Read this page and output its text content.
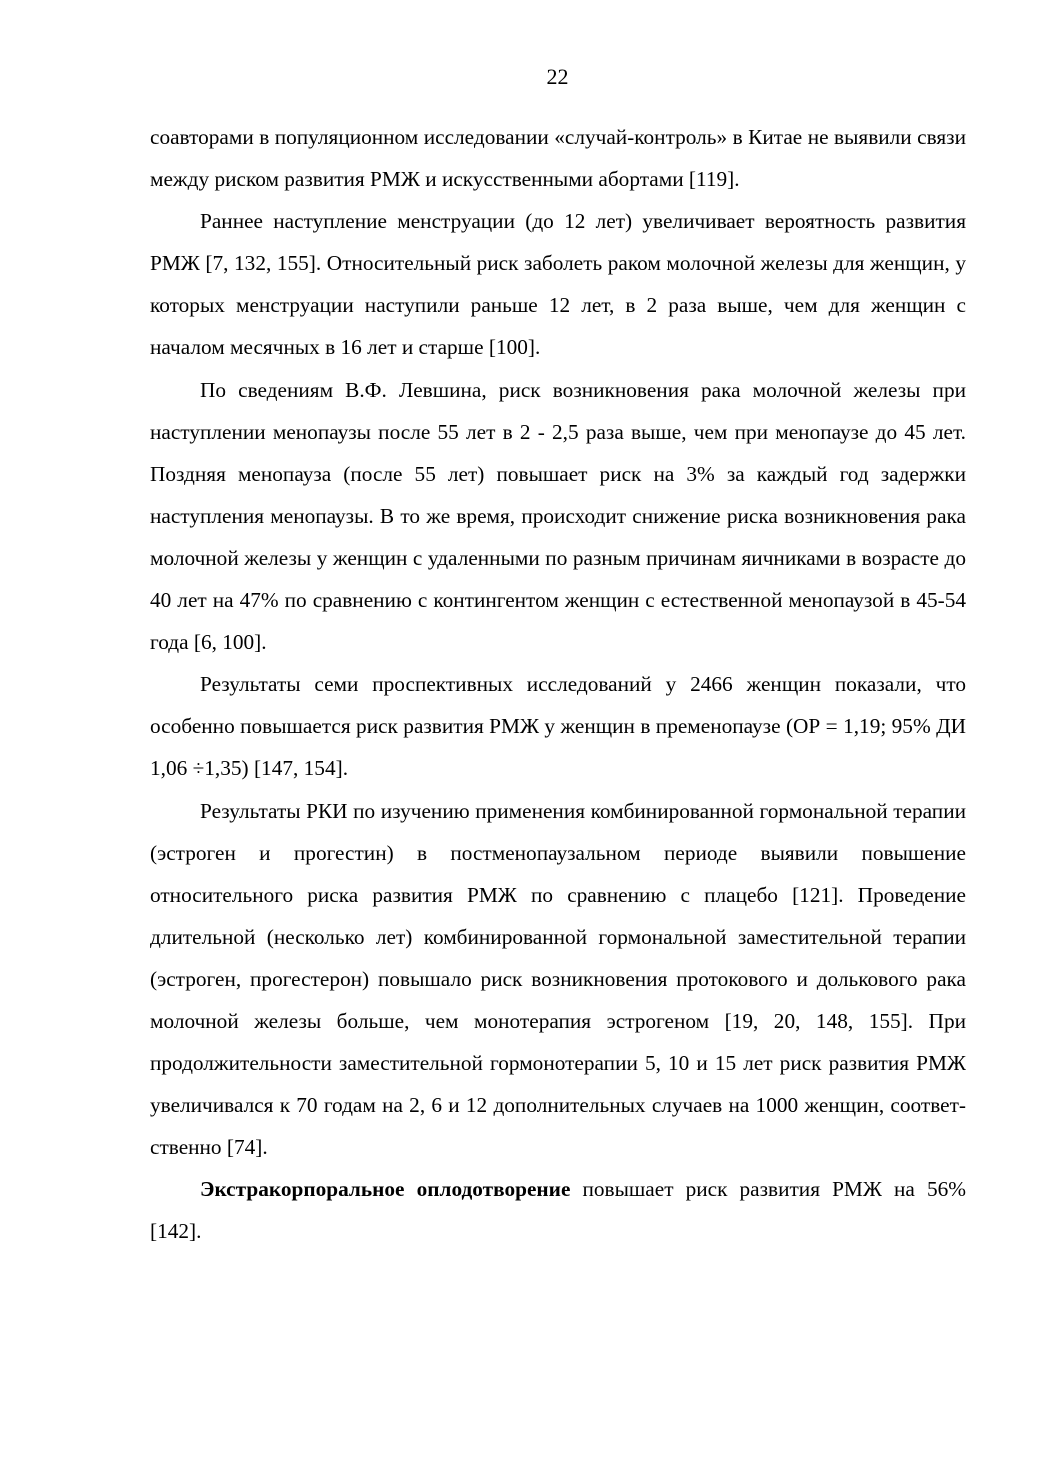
22

соавторами в популяционном исследовании «случай-контроль» в Китае не выявили связи между риском развития РМЖ и искусственными абортами [119].

Раннее наступление менструации (до 12 лет) увеличивает вероятность развития РМЖ [7, 132, 155]. Относительный риск заболеть раком молочной железы для женщин, у которых менструации наступили раньше 12 лет, в 2 раза выше, чем для женщин с началом месячных в 16 лет и старше [100].

По сведениям В.Ф. Левшина, риск возникновения рака молочной железы при наступлении менопаузы после 55 лет в 2 - 2,5 раза выше, чем при менопаузе до 45 лет. Поздняя менопауза (после 55 лет) повышает риск на 3% за каждый год задержки наступления менопаузы. В то же время, происходит снижение риска возникновения рака молочной железы у женщин с удаленными по разным причинам яичниками в возрасте до 40 лет на 47% по сравнению с контингентом женщин с естественной менопаузой в 45-54 года [6, 100].

Результаты семи проспективных исследований у 2466 женщин показали, что особенно повышается риск развития РМЖ у женщин в пременопаузе (ОР = 1,19; 95% ДИ 1,06 ÷1,35) [147, 154].

Результаты РКИ по изучению применения комбинированной гормональной терапии (эстроген и прогестин) в постменопаузальном периоде выявили повышение относительного риска развития РМЖ по сравнению с плацебо [121]. Проведение длительной (несколько лет) комбинированной гормональной заместительной терапии (эстроген, прогестерон) повышало риск возникновения протокового и долькового рака молочной железы больше, чем монотерапия эстрогеном [19, 20, 148, 155]. При продолжительности заместительной гормонотерапии 5, 10 и 15 лет риск развития РМЖ увеличивался к 70 годам на 2, 6 и 12 дополнительных случаев на 1000 женщин, соответственно [74].

Экстракорпоральное оплодотворение повышает риск развития РМЖ на 56% [142].
